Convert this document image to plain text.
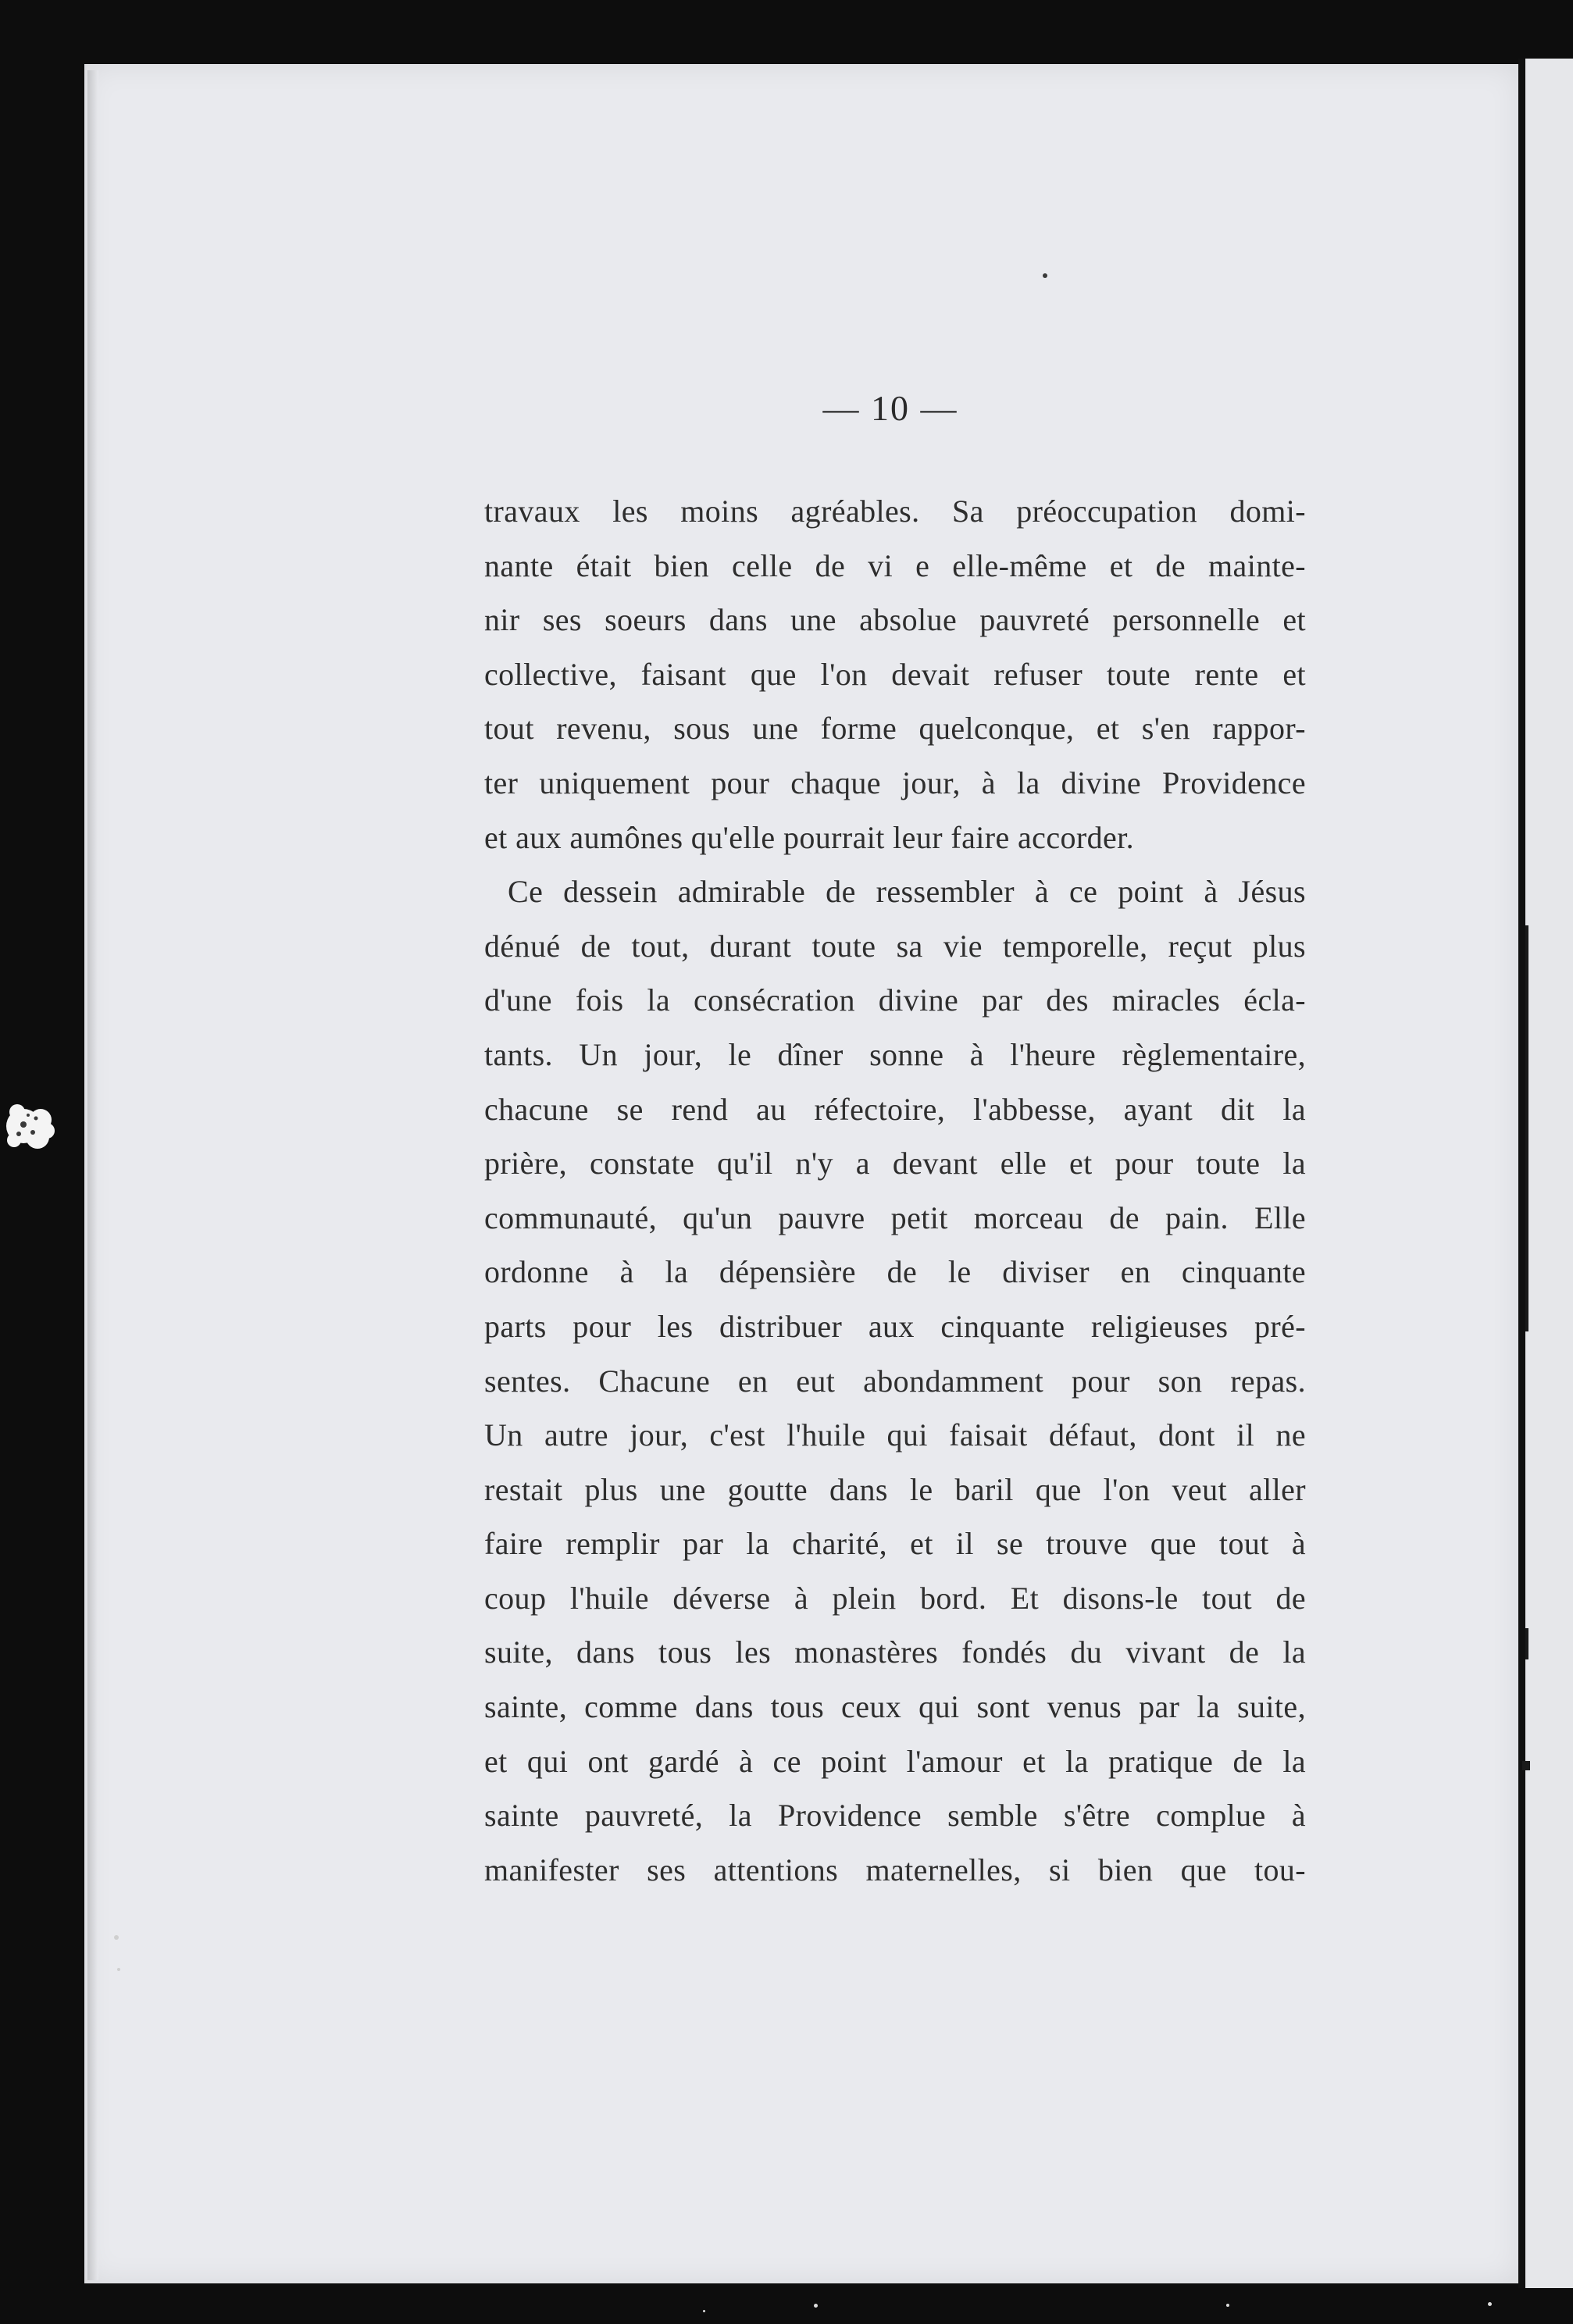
— 10 —
travaux les moins agréables. Sa préoccupation domi-
nante était bien celle de vi e elle-même et de mainte-
nir ses soeurs dans une absolue pauvreté personnelle et
collective, faisant que l'on devait refuser toute rente et
tout revenu, sous une forme quelconque, et s'en rappor-
ter uniquement pour chaque jour, à la divine Providence
et aux aumônes qu'elle pourrait leur faire accorder.
Ce dessein admirable de ressembler à ce point à Jésus
dénué de tout, durant toute sa vie temporelle, reçut plus
d'une fois la consécration divine par des miracles écla-
tants. Un jour, le dîner sonne à l'heure règlementaire,
chacune se rend au réfectoire, l'abbesse, ayant dit la
prière, constate qu'il n'y a devant elle et pour toute la
communauté, qu'un pauvre petit morceau de pain. Elle
ordonne à la dépensière de le diviser en cinquante
parts pour les distribuer aux cinquante religieuses pré-
sentes. Chacune en eut abondamment pour son repas.
Un autre jour, c'est l'huile qui faisait défaut, dont il ne
restait plus une goutte dans le baril que l'on veut aller
faire remplir par la charité, et il se trouve que tout à
coup l'huile déverse à plein bord. Et disons-le tout de
suite, dans tous les monastères fondés du vivant de la
sainte, comme dans tous ceux qui sont venus par la suite,
et qui ont gardé à ce point l'amour et la pratique de la
sainte pauvreté, la Providence semble s'être complue à
manifester ses attentions maternelles, si bien que tou-
